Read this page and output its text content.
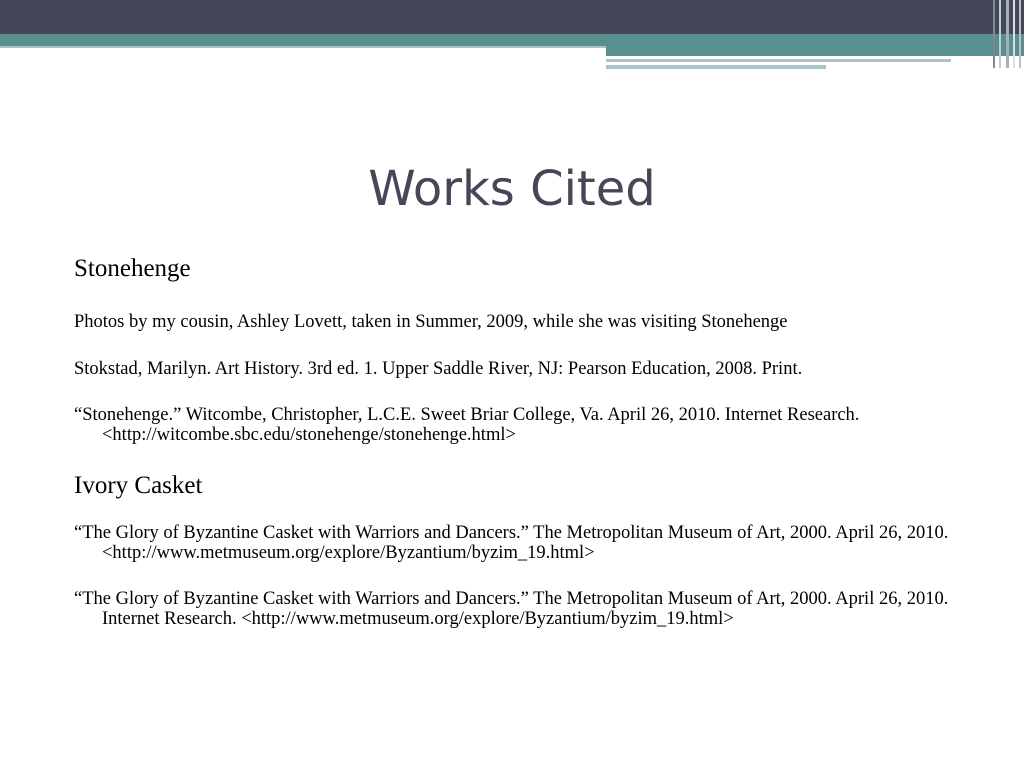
Works Cited

Stonehenge

Photos by my cousin, Ashley Lovett, taken in Summer, 2009, while she was visiting Stonehenge

Stokstad, Marilyn. Art History. 3rd ed. 1. Upper Saddle River, NJ: Pearson Education, 2008. Print.

“Stonehenge.” Witcombe, Christopher, L.C.E. Sweet Briar College, Va. April 26, 2010. Internet Research. <http://witcombe.sbc.edu/stonehenge/stonehenge.html>

Ivory Casket

“The Glory of Byzantine Casket with Warriors and Dancers.” The Metropolitan Museum of Art, 2000. April 26, 2010. <http://www.metmuseum.org/explore/Byzantium/byzim_19.html>

“The Glory of Byzantine Casket with Warriors and Dancers.” The Metropolitan Museum of Art, 2000. April 26, 2010. Internet Research. <http://www.metmuseum.org/explore/Byzantium/byzim_19.html>
